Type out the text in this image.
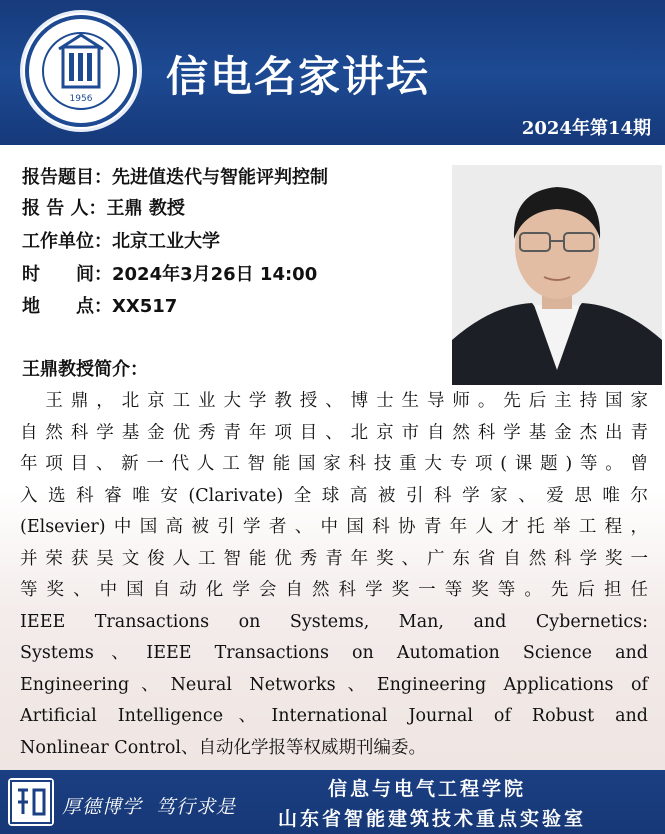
1956 信电名家讲坛
2024年第14期
报告题目：先进值迭代与智能评判控制
报 告 人：王鼎 教授
工作单位：北京工业大学
时　　间：2024年3月26日 14:00
地　　点：XX517
王鼎教授简介：
　王鼎，北京工业大学教授、博士生导师。先后主持国家
自然科学基金优秀青年项目、北京市自然科学基金杰出青
年项目、新一代人工智能国家科技重大专项(课题)等。曾
入选科睿唯安(Clarivate)全球高被引科学家、爱思唯尔
(Elsevier)中国高被引学者、中国科协青年人才托举工程，
并荣获吴文俊人工智能优秀青年奖、广东省自然科学奖一
等奖、中国自动化学会自然科学奖一等奖等。先后担任
IEEE Transactions on Systems, Man, and Cybernetics:
Systems、IEEE Transactions on Automation Science and
Engineering、Neural Networks、Engineering Applications of
Artificial Intelligence、International Journal of Robust and
Nonlinear Control、自动化学报等权威期刊编委。
厚德博学 笃行求是
信息与电气工程学院
山东省智能建筑技术重点实验室
